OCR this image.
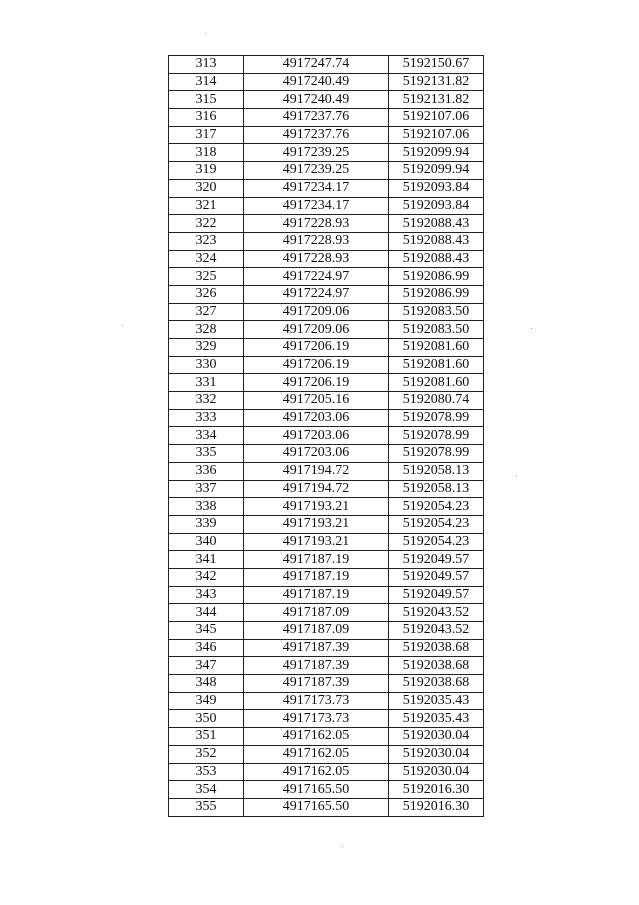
313	4917247.74	5192150.67
314	4917240.49	5192131.82
315	4917240.49	5192131.82
316	4917237.76	5192107.06
317	4917237.76	5192107.06
318	4917239.25	5192099.94
319	4917239.25	5192099.94
320	4917234.17	5192093.84
321	4917234.17	5192093.84
322	4917228.93	5192088.43
323	4917228.93	5192088.43
324	4917228.93	5192088.43
325	4917224.97	5192086.99
326	4917224.97	5192086.99
327	4917209.06	5192083.50
328	4917209.06	5192083.50
329	4917206.19	5192081.60
330	4917206.19	5192081.60
331	4917206.19	5192081.60
332	4917205.16	5192080.74
333	4917203.06	5192078.99
334	4917203.06	5192078.99
335	4917203.06	5192078.99
336	4917194.72	5192058.13
337	4917194.72	5192058.13
338	4917193.21	5192054.23
339	4917193.21	5192054.23
340	4917193.21	5192054.23
341	4917187.19	5192049.57
342	4917187.19	5192049.57
343	4917187.19	5192049.57
344	4917187.09	5192043.52
345	4917187.09	5192043.52
346	4917187.39	5192038.68
347	4917187.39	5192038.68
348	4917187.39	5192038.68
349	4917173.73	5192035.43
350	4917173.73	5192035.43
351	4917162.05	5192030.04
352	4917162.05	5192030.04
353	4917162.05	5192030.04
354	4917165.50	5192016.30
355	4917165.50	5192016.30
